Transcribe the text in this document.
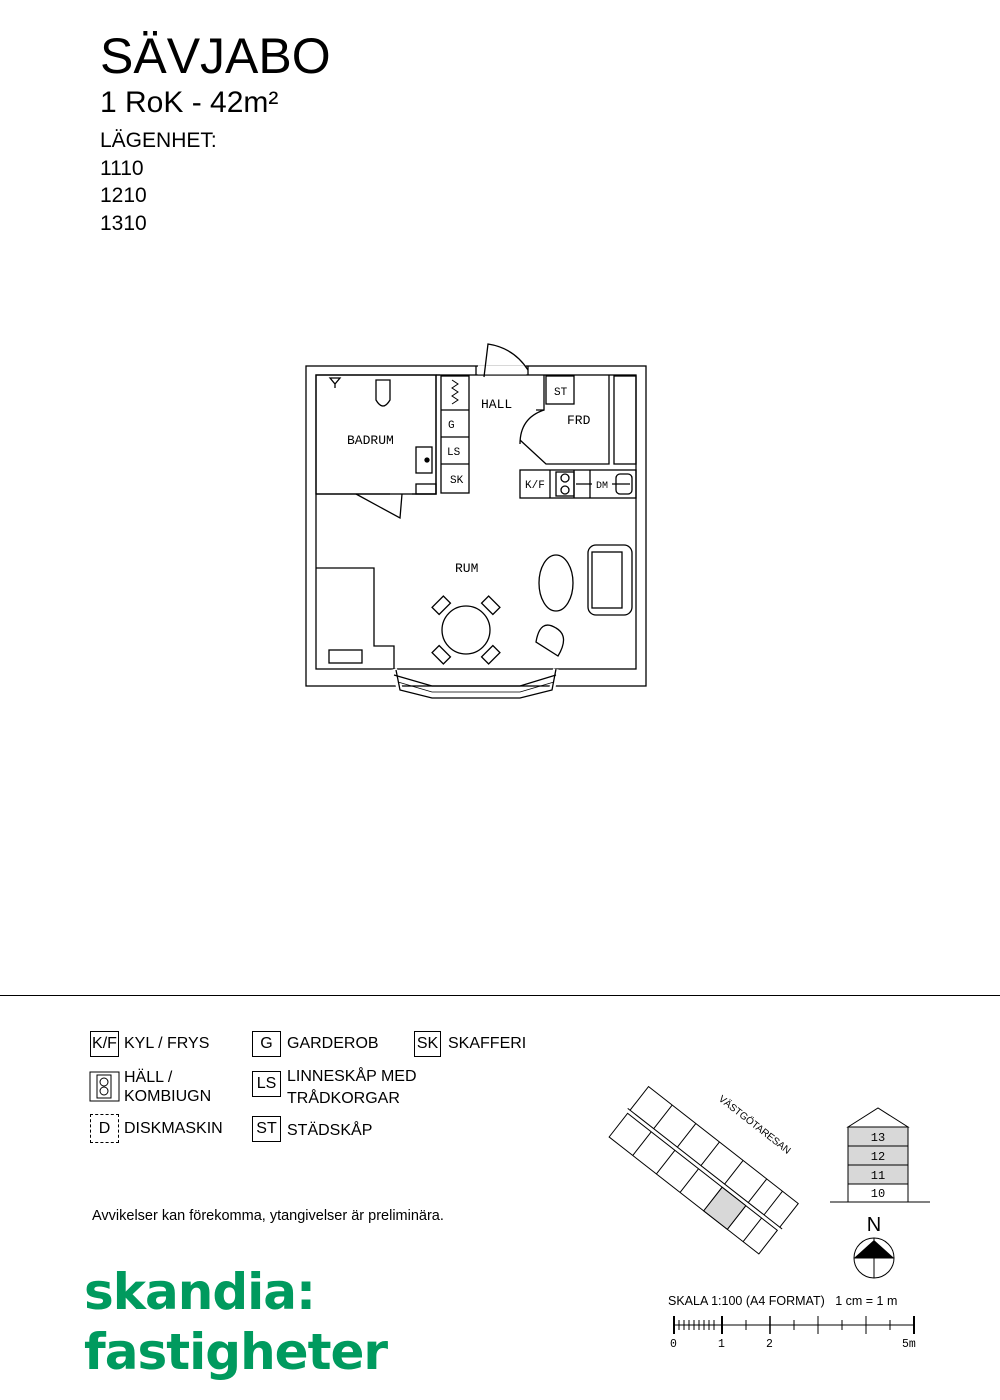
SÄVJABO
1 RoK - 42m²
LÄGENHET:
1110
1210
1310
HALL
BADRUM
FRD
RUM
ST
G
LS
SK	K/F	DM
K/F KYL / FRYS	G GARDEROB SK SKAFFERI
HÄLL /
KOMBIUGN
LS LINNESKÅP MED
TRÅDKORGAR
D DISKMASKIN ST STÄDSKÅP
Avvikelser kan förekomma, ytangivelser är preliminära.
VÄSTGÖTARESAN	13
12
11
10
N
SKALA 1:100 (A4 FORMAT) 1 cm = 1 m
0	1	2	5m
skandia:
fastigheter
